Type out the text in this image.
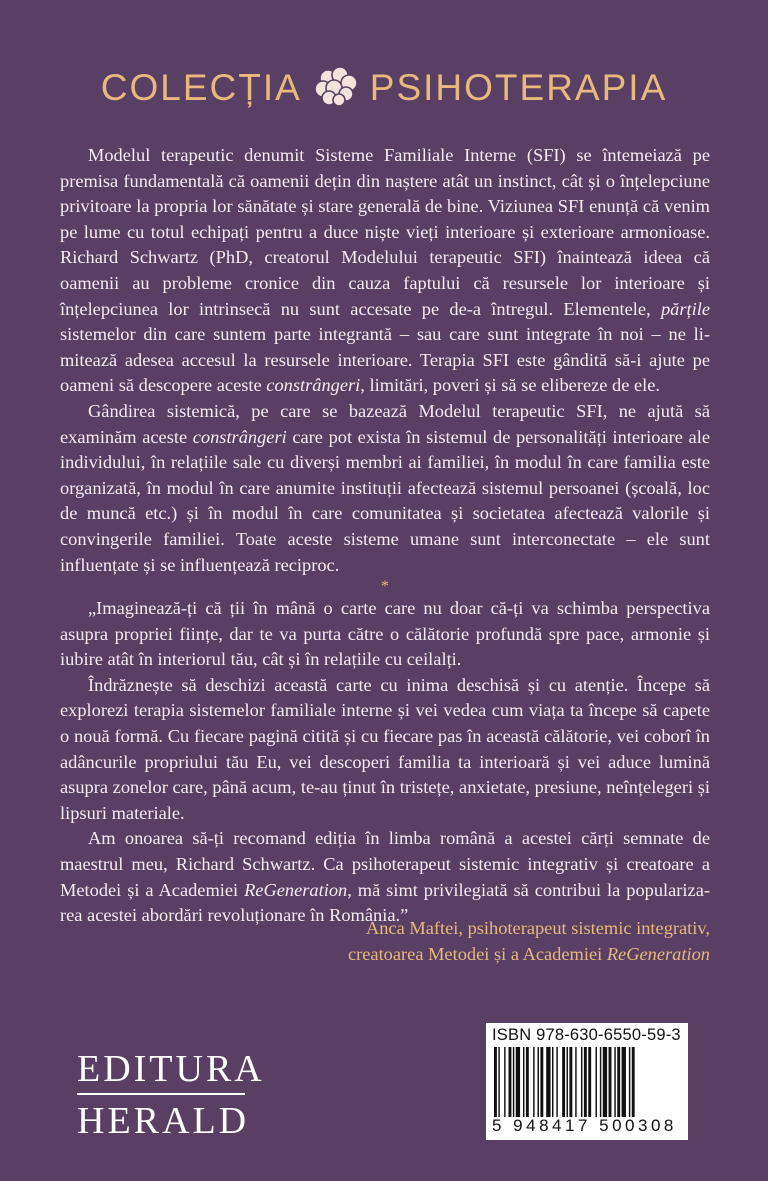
COLECȚIA PSIHOTERAPIA

Modelul terapeutic denumit Sisteme Familiale Interne (SFI) se întemeiază pe premisa fundamentală că oamenii dețin din naștere atât un instinct, cât și o înțelepciune privitoare la propria lor sănătate și stare generală de bine. Viziunea SFI enunță că venim pe lume cu totul echipați pentru a duce niște vieți interioare și exterioare armonioase. Richard Schwartz (PhD, creatorul Modelului terapeutic SFI) înaintează ideea că oamenii au probleme cronice din cauza faptului că resursele lor interioare și înțelepciunea lor intrinsecă nu sunt accesate pe de-a întregul. Elementele, părțile sistemelor din care suntem parte integrantă – sau care sunt integrate în noi – ne limitează adesea accesul la resursele interioare. Terapia SFI este gândită să-i ajute pe oameni să descopere aceste constrângeri, limitări, poveri și să se elibereze de ele.

Gândirea sistemică, pe care se bazează Modelul terapeutic SFI, ne ajută să examinăm aceste constrângeri care pot exista în sistemul de personalități interioare ale individului, în relațiile sale cu diverși membri ai familiei, în modul în care familia este organizată, în modul în care anumite instituții afectează sistemul persoanei (școală, loc de muncă etc.) și în modul în care comunitatea și societatea afectează valorile și convingerile familiei. Toate aceste sisteme umane sunt interconectate – ele sunt influențate și se influențează reciproc.

*

„Imaginează-ți că ții în mână o carte care nu doar că-ți va schimba perspectiva asupra propriei ființe, dar te va purta către o călătorie profundă spre pace, armonie și iubire atât în interiorul tău, cât și în relațiile cu ceilalți.

Îndrăznește să deschizi această carte cu inima deschisă și cu atenție. Începe să explorezi terapia sistemelor familiale interne și vei vedea cum viața ta începe să capete o nouă formă. Cu fiecare pagină citită și cu fiecare pas în această călătorie, vei coborî în adâncurile propriului tău Eu, vei descoperi familia ta interioară și vei aduce lumină asupra zonelor care, până acum, te-au ținut în tristețe, anxietate, presiune, neînțelegeri și lipsuri materiale.

Am onoarea să-ți recomand ediția în limba română a acestei cărți semnate de maestrul meu, Richard Schwartz. Ca psihoterapeut sistemic integrativ și creatoare a Metodei și a Academiei ReGeneration, mă simt privilegiată să contribui la popularizarea acestei abordări revoluționare în România.”

Anca Maftei, psihoterapeut sistemic integrativ,
creatoarea Metodei și a Academiei ReGeneration
EDITURA
HERALD
ISBN 978-630-6550-59-3
5 948417 500308
